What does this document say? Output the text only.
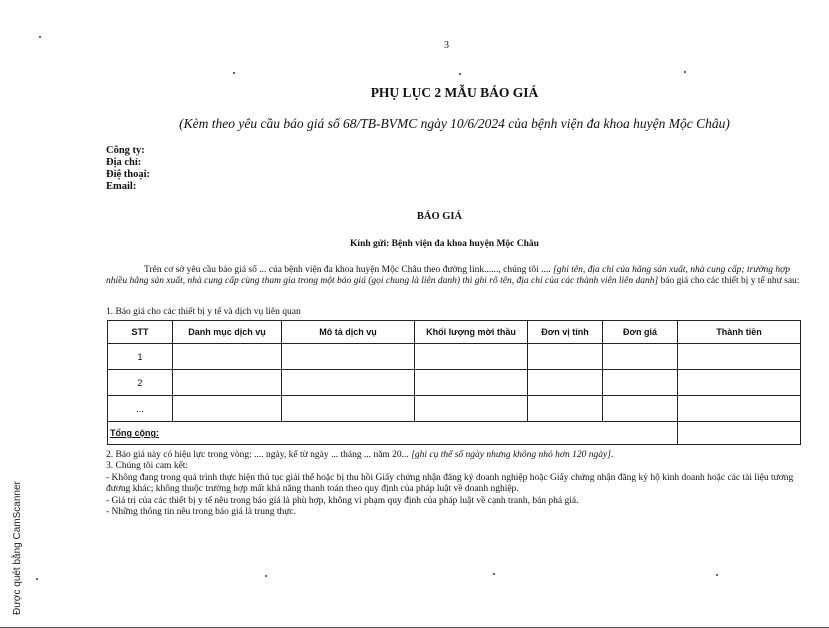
3
PHỤ LỤC 2 MẪU BÁO GIÁ
(Kèm theo yêu cầu báo giá số 68/TB-BVMC ngày 10/6/2024 của bệnh viện đa khoa huyện Mộc Châu)
Công ty:
Địa chỉ:
Điệ thoại:
Email:
BÁO GIÁ
Kính gửi: Bệnh viện đa khoa huyện Mộc Châu
Trên cơ sở yêu cầu báo giá số ... của bệnh viện đa khoa huyện Mộc Châu theo đường link......, chúng tôi .... [ghi tên, địa chỉ của hãng sản xuất, nhà cung cấp; trường hợp nhiều hãng sản xuất, nhà cung cấp cùng tham gia trong một báo giá (gọi chung là liên danh) thì ghi rõ tên, địa chỉ của các thành viên liên danh] báo giá cho các thiết bị y tế như sau:
1. Báo giá cho các thiết bị y tế và dịch vụ liên quan
STT	Danh mục dịch vụ	Mô tả dịch vụ	Khối lượng mời thầu	Đơn vị tính	Đơn giá	Thành tiền
1						
2						
...						
Tổng cộng:						
2. Báo giá này có hiệu lực trong vòng: .... ngày, kể từ ngày ... tháng ... năm 20... [ghi cụ thể số ngày nhưng không nhỏ hơn 120 ngày].
3. Chúng tôi cam kết:
- Không đang trong quá trình thực hiện thủ tục giải thể hoặc bị thu hồi Giấy chứng nhận đăng ký doanh nghiệp hoặc Giấy chứng nhận đăng ký hộ kinh doanh hoặc các tài liệu tương đương khác; không thuộc trường hợp mất khả năng thanh toán theo quy định của pháp luật về doanh nghiệp.
- Giá trị của các thiết bị y tế nêu trong báo giá là phù hợp, không vi phạm quy định của pháp luật về cạnh tranh, bán phá giá.
- Những thông tin nêu trong báo giá là trung thực.
Được quét bằng CamScanner
